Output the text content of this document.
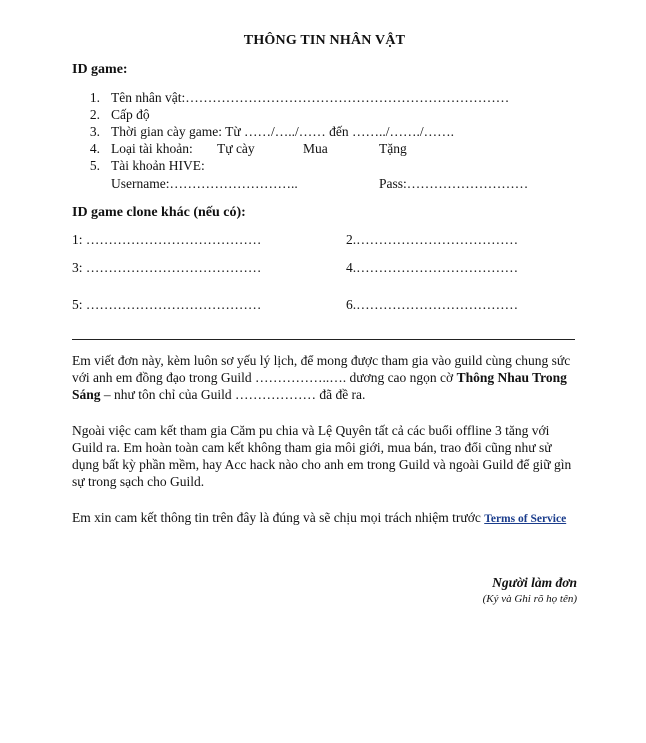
THÔNG TIN NHÂN VẬT
ID game:
1. Tên nhân vật:………………………………………………………………
2. Cấp độ
3. Thời gian cày game: Từ ……/…../…… đến ……../……./…….
4. Loại tài khoản: Tự cày	Mua	Tặng
5. Tài khoản HIVE:
Username:………………………..	Pass:………………………
ID game clone khác (nếu có):
1: …………………………………	2.………………………………
3: …………………………………	4.………………………………
5: …………………………………	6.………………………………
Em viết đơn này, kèm luôn sơ yếu lý lịch, để mong được tham gia vào guild cùng chung sức với anh em đồng đạo trong Guild ……………..…. dương cao ngọn cờ Thông Nhau Trong Sáng – như tôn chỉ của Guild ……………… đã đề ra.
Ngoài việc cam kết tham gia Căm pu chia và Lệ Quyên tất cả các buổi offline 3 tăng với Guild ra. Em hoàn toàn cam kết không tham gia môi giới, mua bán, trao đổi cũng như sử dụng bất kỳ phần mềm, hay Acc hack nào cho anh em trong Guild và ngoài Guild để giữ gìn sự trong sạch cho Guild.
Em xin cam kết thông tin trên đây là đúng và sẽ chịu mọi trách nhiệm trước Terms of Service
Người làm đơn
(Ký và Ghi rõ họ tên)
